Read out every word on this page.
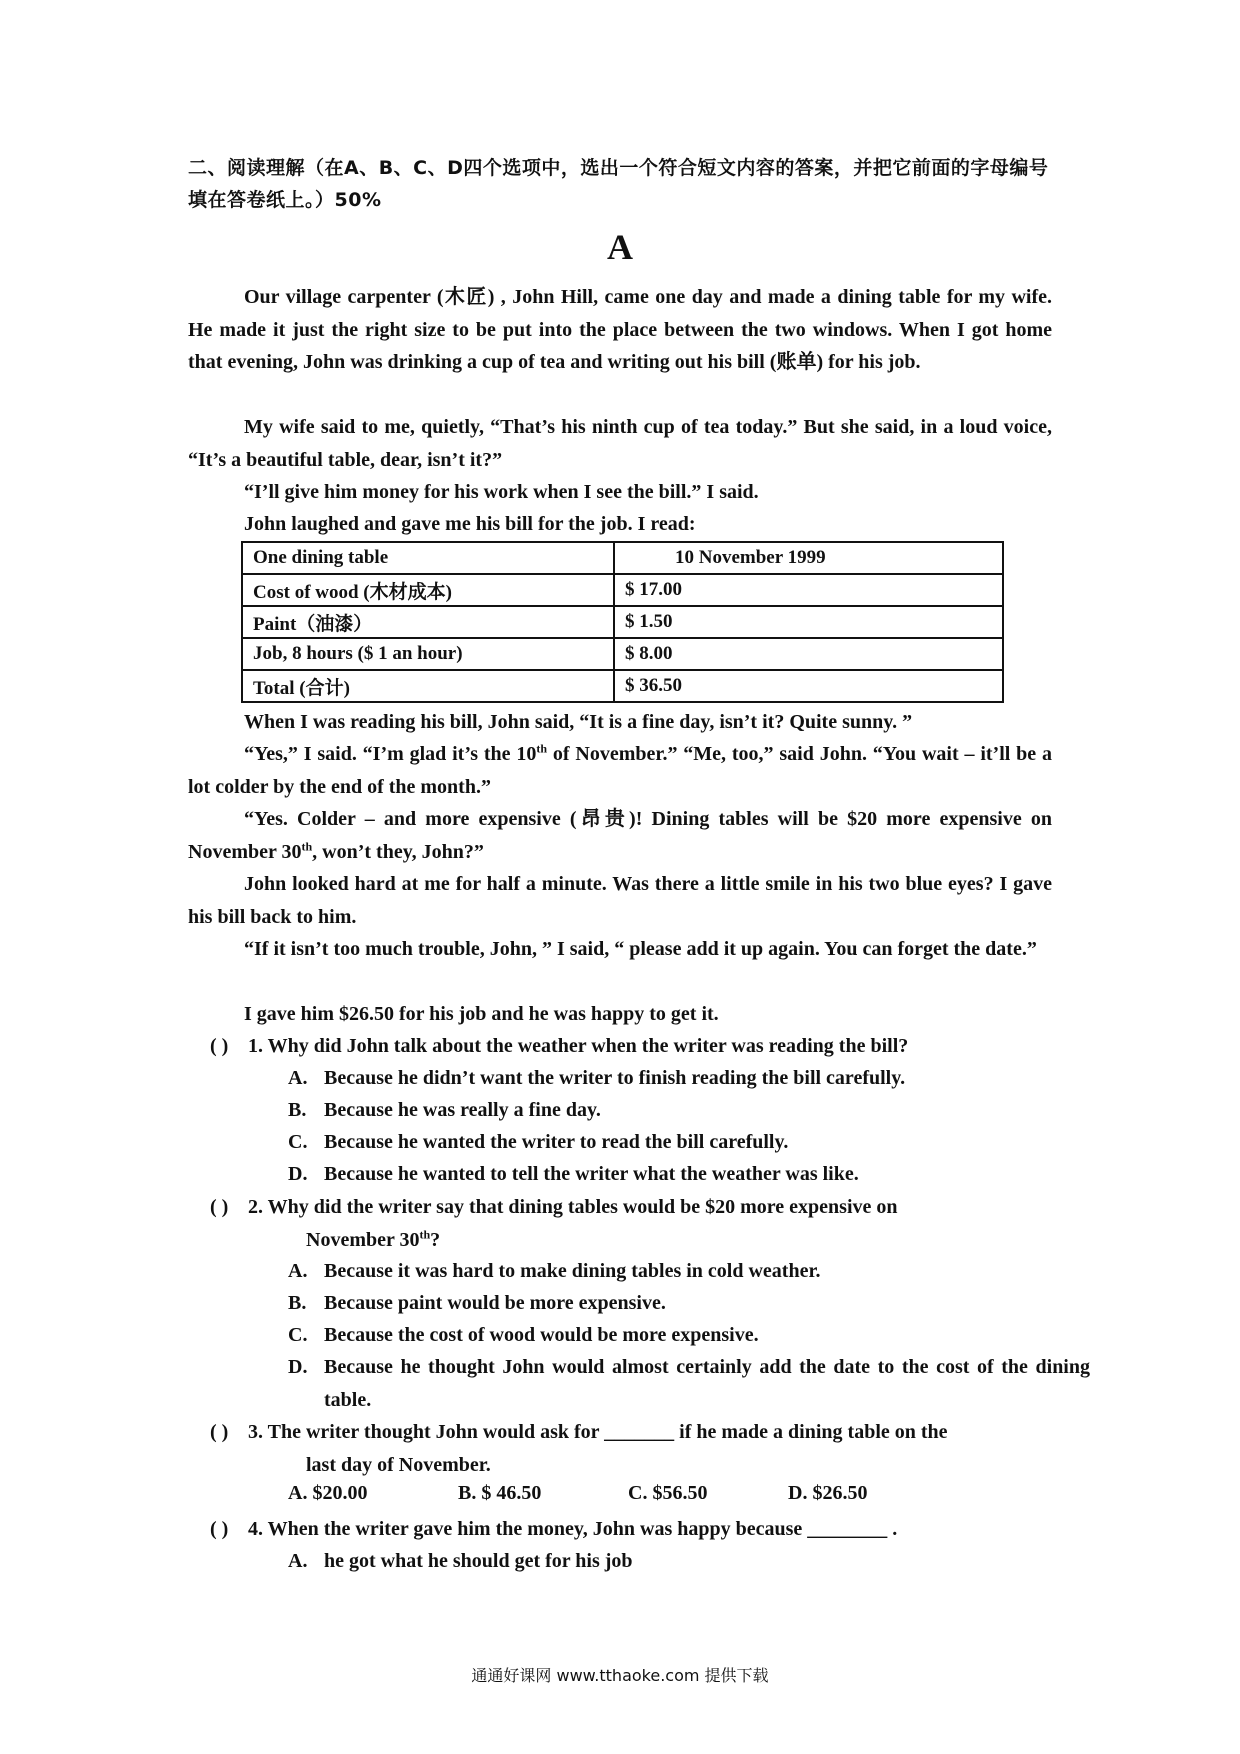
二、阅读理解（在A、B、C、D四个选项中，选出一个符合短文内容的答案，并把它前面的字母编号填在答卷纸上。）50%
A

Our village carpenter (木匠) , John Hill, came one day and made a dining table for my wife. He made it just the right size to be put into the place between the two windows. When I got home that evening, John was drinking a cup of tea and writing out his bill (账单) for his job.

My wife said to me, quietly, “That’s his ninth cup of tea today.” But she said, in a loud voice, “It’s a beautiful table, dear, isn’t it?”

“I’ll give him money for his work when I see the bill.” I said.

John laughed and gave me his bill for the job. I read:

One dining table	10 November 1999
Cost of wood (木材成本)	$ 17.00
Paint（油漆）	$ 1.50
Job, 8 hours ($ 1 an hour)	$ 8.00
Total (合计)	$ 36.50

When I was reading his bill, John said, “It is a fine day, isn’t it? Quite sunny. ”

“Yes,” I said. “I’m glad it’s the 10th of November.” “Me, too,” said John. “You wait – it’ll be a lot colder by the end of the month.”

“Yes. Colder – and more expensive (昂贵)! Dining tables will be $20 more expensive on November 30th, won’t they, John?”

John looked hard at me for half a minute. Was there a little smile in his two blue eyes? I gave his bill back to him.

“If it isn’t too much trouble, John, ” I said, “ please add it up again. You can forget the date.”

I gave him $26.50 for his job and he was happy to get it.

( ) 1. Why did John talk about the weather when the writer was reading the bill?
A. Because he didn’t want the writer to finish reading the bill carefully.
B. Because he was really a fine day.
C. Because he wanted the writer to read the bill carefully.
D. Because he wanted to tell the writer what the weather was like.
( ) 2. Why did the writer say that dining tables would be $20 more expensive on
November 30th?
A. Because it was hard to make dining tables in cold weather.
B. Because paint would be more expensive.
C. Because the cost of wood would be more expensive.
D. Because he thought John would almost certainly add the date to the cost of the dining table.
( ) 3. The writer thought John would ask for _______ if he made a dining table on the
last day of November.
A. $20.00	B. $ 46.50	C. $56.50	D. $26.50
( ) 4. When the writer gave him the money, John was happy because ________ .
A. he got what he should get for his job
通通好课网 www.tthaoke.com 提供下载
